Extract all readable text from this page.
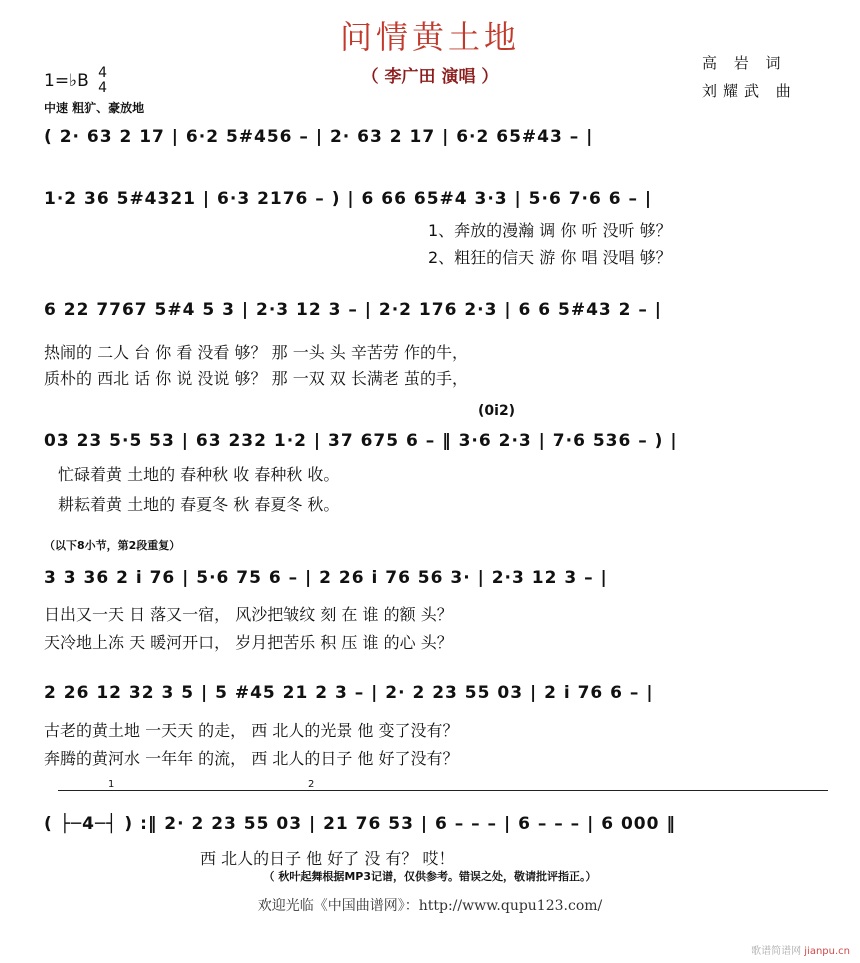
问情黄土地
（ 李广田 演唱 ）
高 岩 词
刘耀武 曲
1=♭B 4
4
中速 粗犷、豪放地
( 2· 63 2 17 | 6·2 5#456 – | 2· 63 2 17 | 6·2 65#43 – |
1·2 36 5#4321 | 6·3 2176 – ) | 6 66 65#4 3·3 | 5·6 7·6 6 – |
1、奔放的漫瀚 调 你 听 没听 够？
2、粗狂的信天 游 你 唱 没唱 够？
6 22 7767 5#4 5 3 | 2·3 12 3 – | 2·2 176 2·3 | 6 6 5#43 2 – |
热闹的 二人 台 你 看 没看 够？ 那 一头 头 辛苦劳 作的牛，
质朴的 西北 话 你 说 没说 够？ 那 一双 双 长满老 茧的手，
(0i2)
03 23 5·5 53 | 63 232 1·2 | 37 675 6 – ‖ 3·6 2·3 | 7·6 536 – ) |
忙碌着黄 土地的 春种秋 收 春种秋 收。
耕耘着黄 土地的 春夏冬 秋 春夏冬 秋。
（以下8小节，第2段重复）
3 3 36 2 i 76 | 5·6 75 6 – | 2 26 i 76 56 3· | 2·3 12 3 – |
日出又一天 日 落又一宿， 风沙把皱纹 刻 在 谁 的额 头？
天冷地上冻 天 暖河开口， 岁月把苦乐 积 压 谁 的心 头？
2 26 12 32 3 5 | 5 #45 21 2 3 – | 2· 2 23 55 03 | 2 i 76 6 – |
古老的黄土地 一天天 的走， 西 北人的光景 他 变了没有？
奔腾的黄河水 一年年 的流， 西 北人的日子 他 好了没有？
1	2
( ├─4─┤ ) :‖ 2· 2 23 55 03 | 21 76 53 | 6 – – – | 6 – – – | 6 000 ‖
西 北人的日子 他 好了 没 有？ 哎！
（ 秋叶起舞根据MP3记谱，仅供参考。错误之处，敬请批评指正。）
欢迎光临《中国曲谱网》：http://www.qupu123.com/
歌谱简谱网 jianpu.cn
